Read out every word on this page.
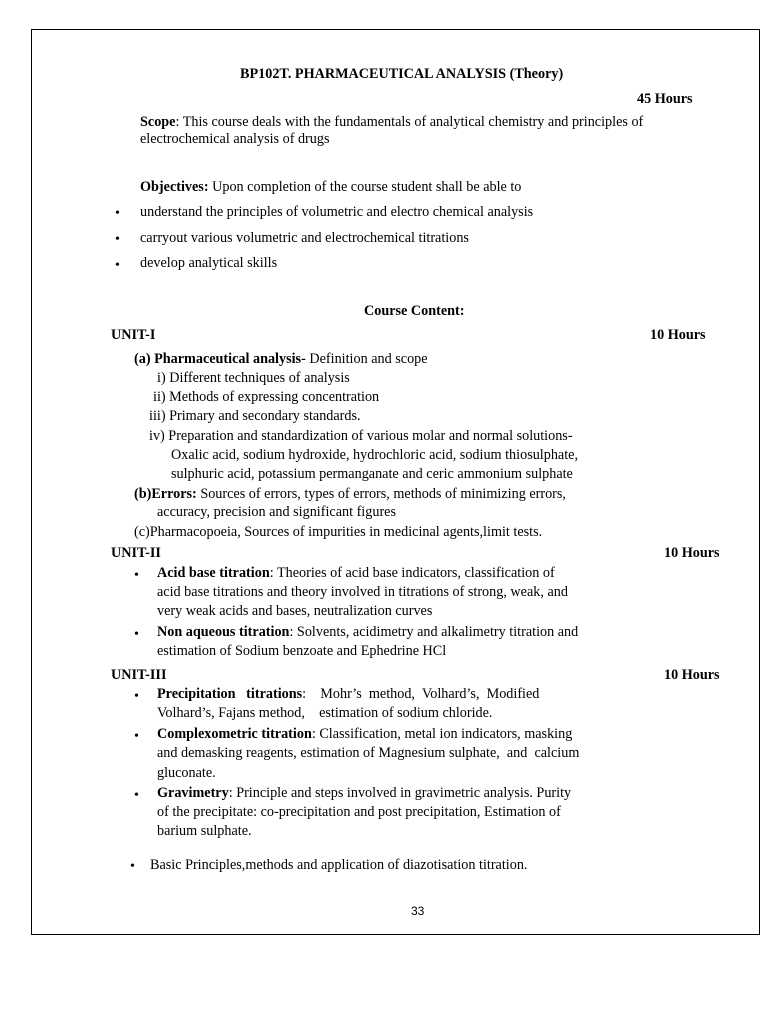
BP102T. PHARMACEUTICAL ANALYSIS (Theory)
45 Hours
Scope: This course deals with the fundamentals of analytical chemistry and principles of
electrochemical analysis of drugs
Objectives: Upon completion of the course student shall be able to
• understand the principles of volumetric and electro chemical analysis
• carryout various volumetric and electrochemical titrations
• develop analytical skills
Course Content:
UNIT-I	10 Hours
(a) Pharmaceutical analysis- Definition and scope
i) Different techniques of analysis
ii) Methods of expressing concentration
iii) Primary and secondary standards.
iv) Preparation and standardization of various molar and normal solutions-
Oxalic acid, sodium hydroxide, hydrochloric acid, sodium thiosulphate,
sulphuric acid, potassium permanganate and ceric ammonium sulphate
(b)Errors: Sources of errors, types of errors, methods of minimizing errors,
accuracy, precision and significant figures
(c)Pharmacopoeia, Sources of impurities in medicinal agents,limit tests.
UNIT-II	10 Hours
• Acid base titration: Theories of acid base indicators, classification of
acid base titrations and theory involved in titrations of strong, weak, and
very weak acids and bases, neutralization curves
• Non aqueous titration: Solvents, acidimetry and alkalimetry titration and
estimation of Sodium benzoate and Ephedrine HCl
UNIT-III	10 Hours
• Precipitation   titrations:    Mohr’s  method,  Volhard’s,  Modified
Volhard’s, Fajans method,    estimation of sodium chloride.
• Complexometric titration: Classification, metal ion indicators, masking
and demasking reagents, estimation of Magnesium sulphate,  and  calcium
gluconate.
• Gravimetry: Principle and steps involved in gravimetric analysis. Purity
of the precipitate: co-precipitation and post precipitation, Estimation of
barium sulphate.
• Basic Principles,methods and application of diazotisation titration.
33
